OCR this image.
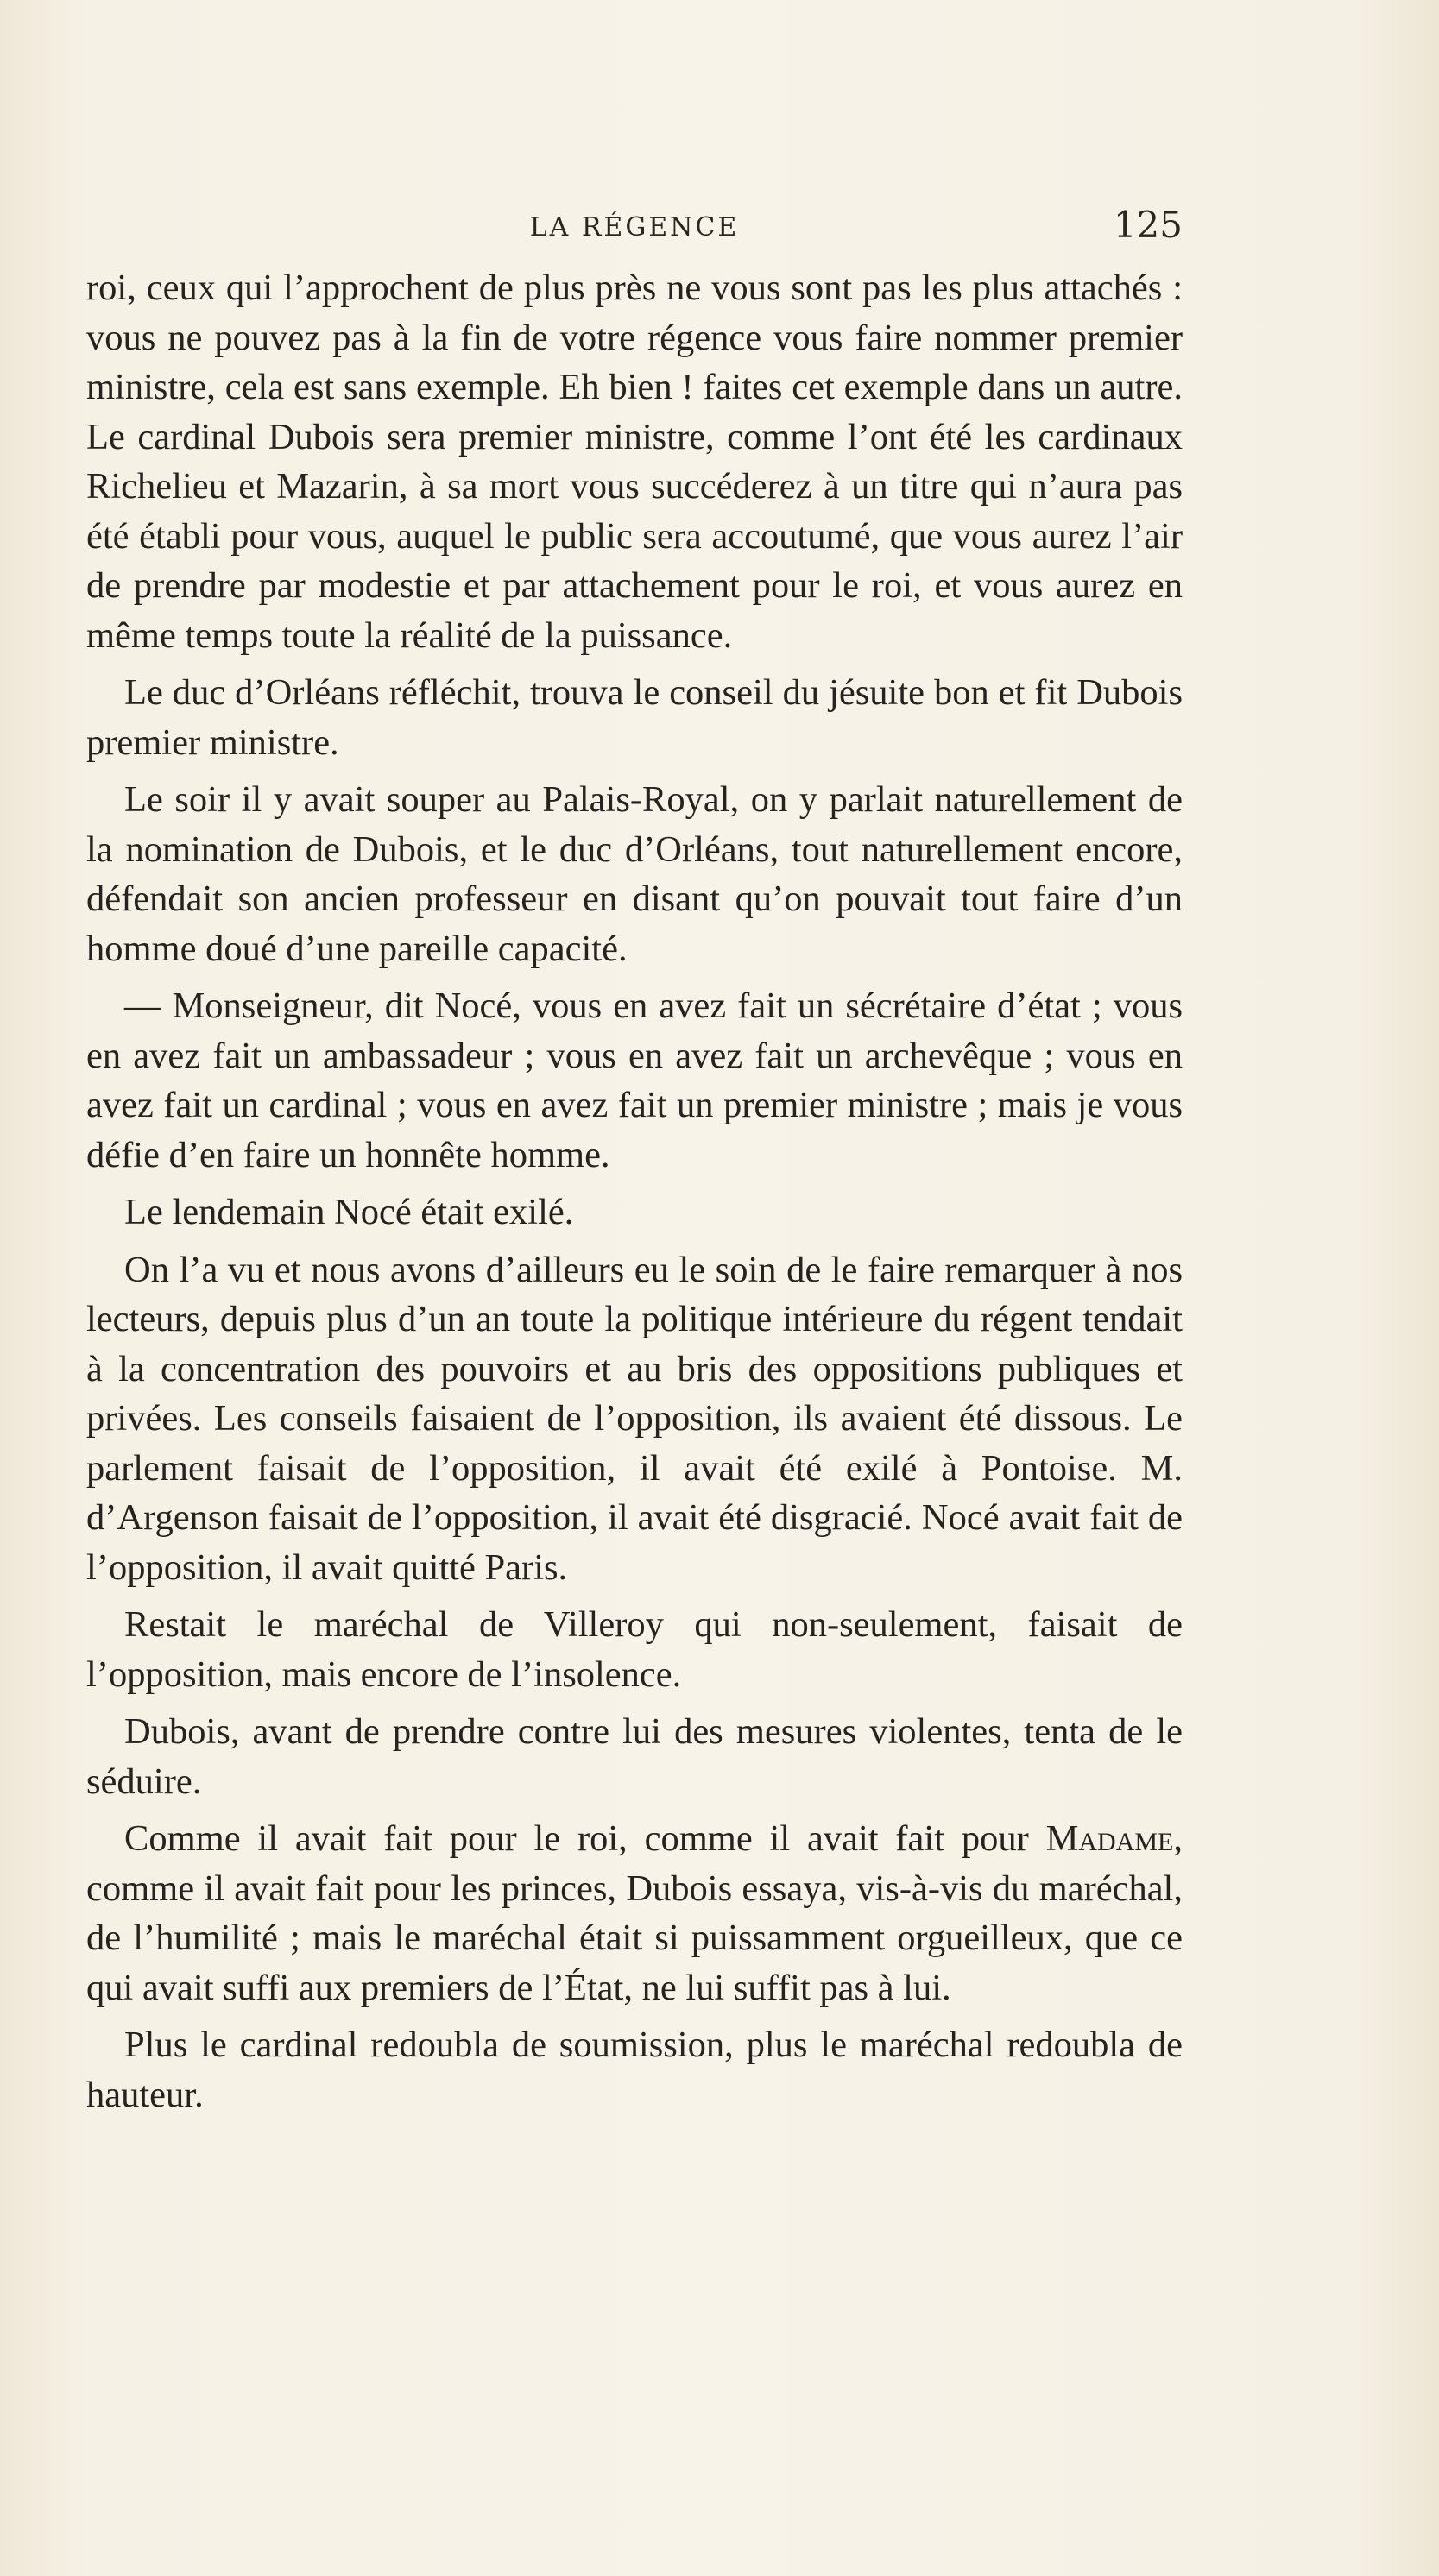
LA RÉGENCE	125

roi, ceux qui l’approchent de plus près ne vous sont pas les plus attachés : vous ne pouvez pas à la fin de votre régence vous faire nommer premier ministre, cela est sans exemple. Eh bien ! faites cet exemple dans un autre. Le cardinal Dubois sera premier ministre, comme l’ont été les cardinaux Richelieu et Mazarin, à sa mort vous succéderez à un titre qui n’aura pas été établi pour vous, auquel le public sera accoutumé, que vous aurez l’air de prendre par modestie et par attachement pour le roi, et vous aurez en même temps toute la réalité de la puissance.

Le duc d’Orléans réfléchit, trouva le conseil du jésuite bon et fit Dubois premier ministre.

Le soir il y avait souper au Palais-Royal, on y parlait naturellement de la nomination de Dubois, et le duc d’Orléans, tout naturellement encore, défendait son ancien professeur en disant qu’on pouvait tout faire d’un homme doué d’une pareille capacité.

— Monseigneur, dit Nocé, vous en avez fait un sécrétaire d’état ; vous en avez fait un ambassadeur ; vous en avez fait un archevêque ; vous en avez fait un cardinal ; vous en avez fait un premier ministre ; mais je vous défie d’en faire un honnête homme.

Le lendemain Nocé était exilé.

On l’a vu et nous avons d’ailleurs eu le soin de le faire remarquer à nos lecteurs, depuis plus d’un an toute la politique intérieure du régent tendait à la concentration des pouvoirs et au bris des oppositions publiques et privées. Les conseils faisaient de l’opposition, ils avaient été dissous. Le parlement faisait de l’opposition, il avait été exilé à Pontoise. M. d’Argenson faisait de l’opposition, il avait été disgracié. Nocé avait fait de l’opposition, il avait quitté Paris.

Restait le maréchal de Villeroy qui non-seulement, faisait de l’opposition, mais encore de l’insolence.

Dubois, avant de prendre contre lui des mesures violentes, tenta de le séduire.

Comme il avait fait pour le roi, comme il avait fait pour Madame, comme il avait fait pour les princes, Dubois essaya, vis-à-vis du maréchal, de l’humilité ; mais le maréchal était si puissamment orgueilleux, que ce qui avait suffi aux premiers de l’État, ne lui suffit pas à lui.

Plus le cardinal redoubla de soumission, plus le maréchal redoubla de hauteur.
